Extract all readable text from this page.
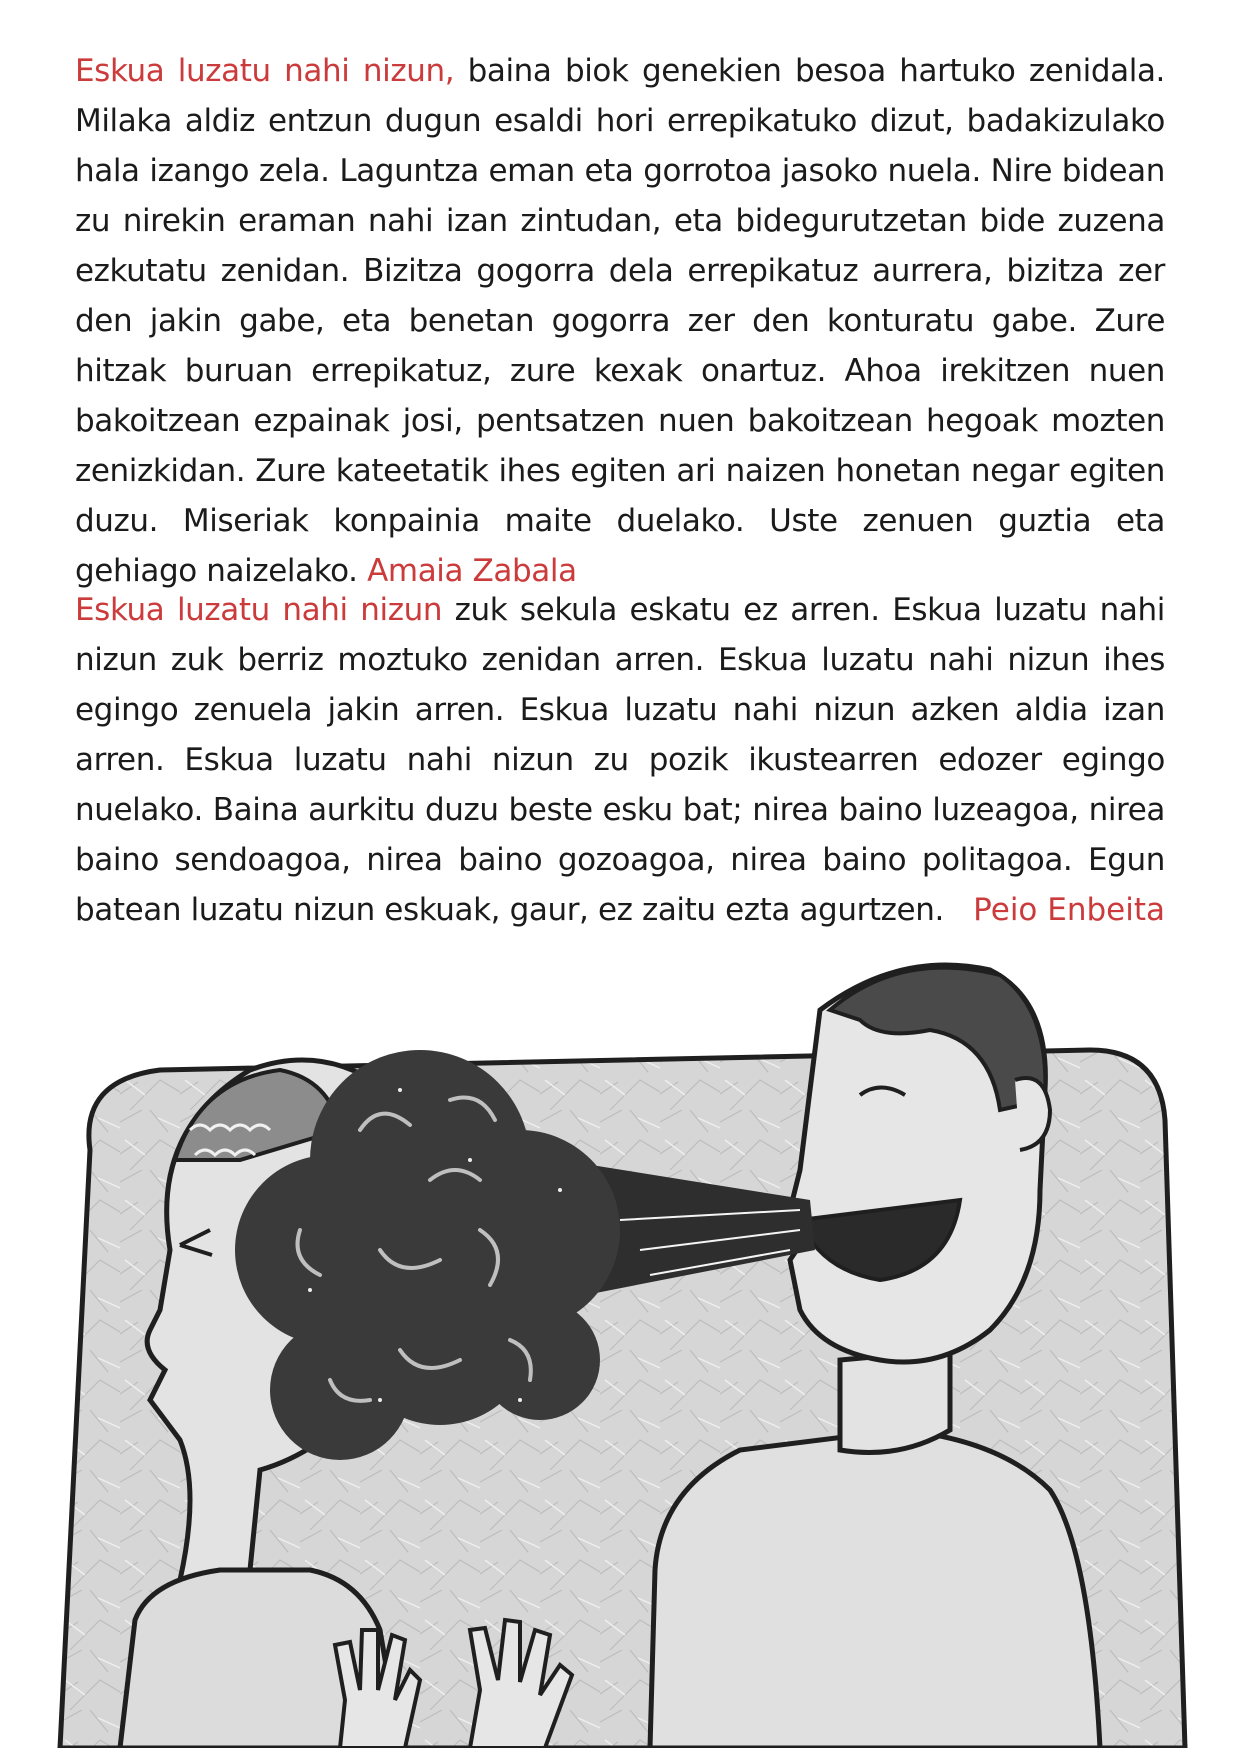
Eskua luzatu nahi nizun, baina biok genekien besoa hartuko zenidala. Milaka aldiz entzun dugun esaldi hori errepikatuko dizut, badakizulako hala izango zela. Laguntza eman eta gorrotoa jasoko nuela. Nire bidean zu nirekin eraman nahi izan zintudan, eta bidegurutzetan bide zuzena ezkutatu zenidan. Bizitza gogorra dela errepikatuz aurrera, bizitza zer den jakin gabe, eta benetan gogorra zer den konturatu gabe. Zure hitzak buruan errepikatuz, zure kexak onartuz. Ahoa irekitzen nuen bakoitzean ezpainak josi, pentsatzen nuen bakoitzean hegoak mozten zenizkidan. Zure kateetatik ihes egiten ari naizen honetan negar egiten duzu. Miseriak konpainia maite duelako. Uste zenuen guztia eta gehiago naizelako. Amaia Zabala

Eskua luzatu nahi nizun zuk sekula eskatu ez arren. Eskua luzatu nahi nizun zuk berriz moztuko zenidan arren. Eskua luzatu nahi nizun ihes egingo zenuela jakin arren. Eskua luzatu nahi nizun azken aldia izan arren. Eskua luzatu nahi nizun zu pozik ikustearren edozer egingo nuelako. Baina aurkitu duzu beste esku bat; nirea baino luzeagoa, nirea baino sendoagoa, nirea baino gozoagoa, nirea baino politagoa. Egun batean luzatu nizun eskuak, gaur, ez zaitu ezta agurtzen. Peio Enbeita
